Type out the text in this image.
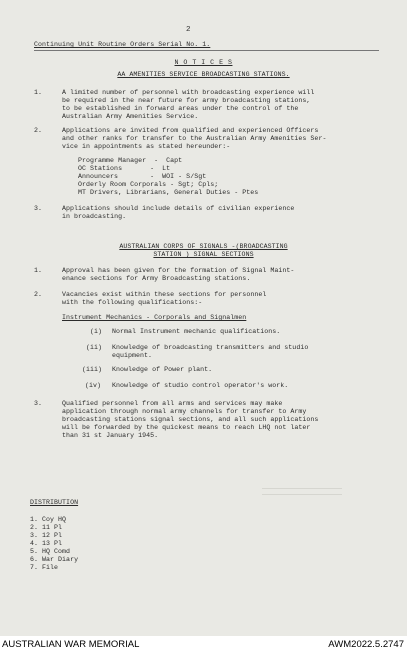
2
Continuing Unit Routine Orders Serial No. 1.
N O T I C E S
AA AMENITIES SERVICE BROADCASTING STATIONS.
1.	A limited number of personnel with broadcasting experience will
be required in the near future for army broadcasting stations,
to be established in forward areas under the control of the
Australian Army Amenities Service.
2.	Applications are invited from qualified and experienced Officers
and other ranks for transfer to the Australian Army Amenities Ser-
vice in appointments as stated hereunder:-
Programme Manager  -  Capt
OC Stations       -  Lt
Announcers        -  WOI - S/Sgt
Orderly Room Corporals - Sgt; Cpls;
MT Drivers, Librarians, General Duties - Ptes
3.	Applications should include details of civilian experience
in broadcasting.
AUSTRALIAN CORPS OF SIGNALS -(BROADCASTING
STATION ) SIGNAL SECTIONS
1.	Approval has been given for the formation of Signal Maint-
enance sections for Army Broadcasting stations.
2.	Vacancies exist within these sections for personnel
with the following qualifications:-
Instrument Mechanics - Corporals and Signalmen
(i) Normal Instrument mechanic qualifications.
(ii) Knowledge of broadcasting transmitters and studio
equipment.
(iii) Knowledge of Power plant.
(iv) Knowledge of studio control operator's work.
3.	Qualified personnel from all arms and services may make
application through normal army channels for transfer to Army
broadcasting stations signal sections, and all such applications
will be forwarded by the quickest means to reach LHQ not later
than 31 st January 1945.
DISTRIBUTION
1. Coy HQ
2. 11 Pl
3. 12 Pl
4. 13 Pl
5. HQ Comd
6. War Diary
7. File
AUSTRALIAN WAR MEMORIAL	AWM2022.5.2747
